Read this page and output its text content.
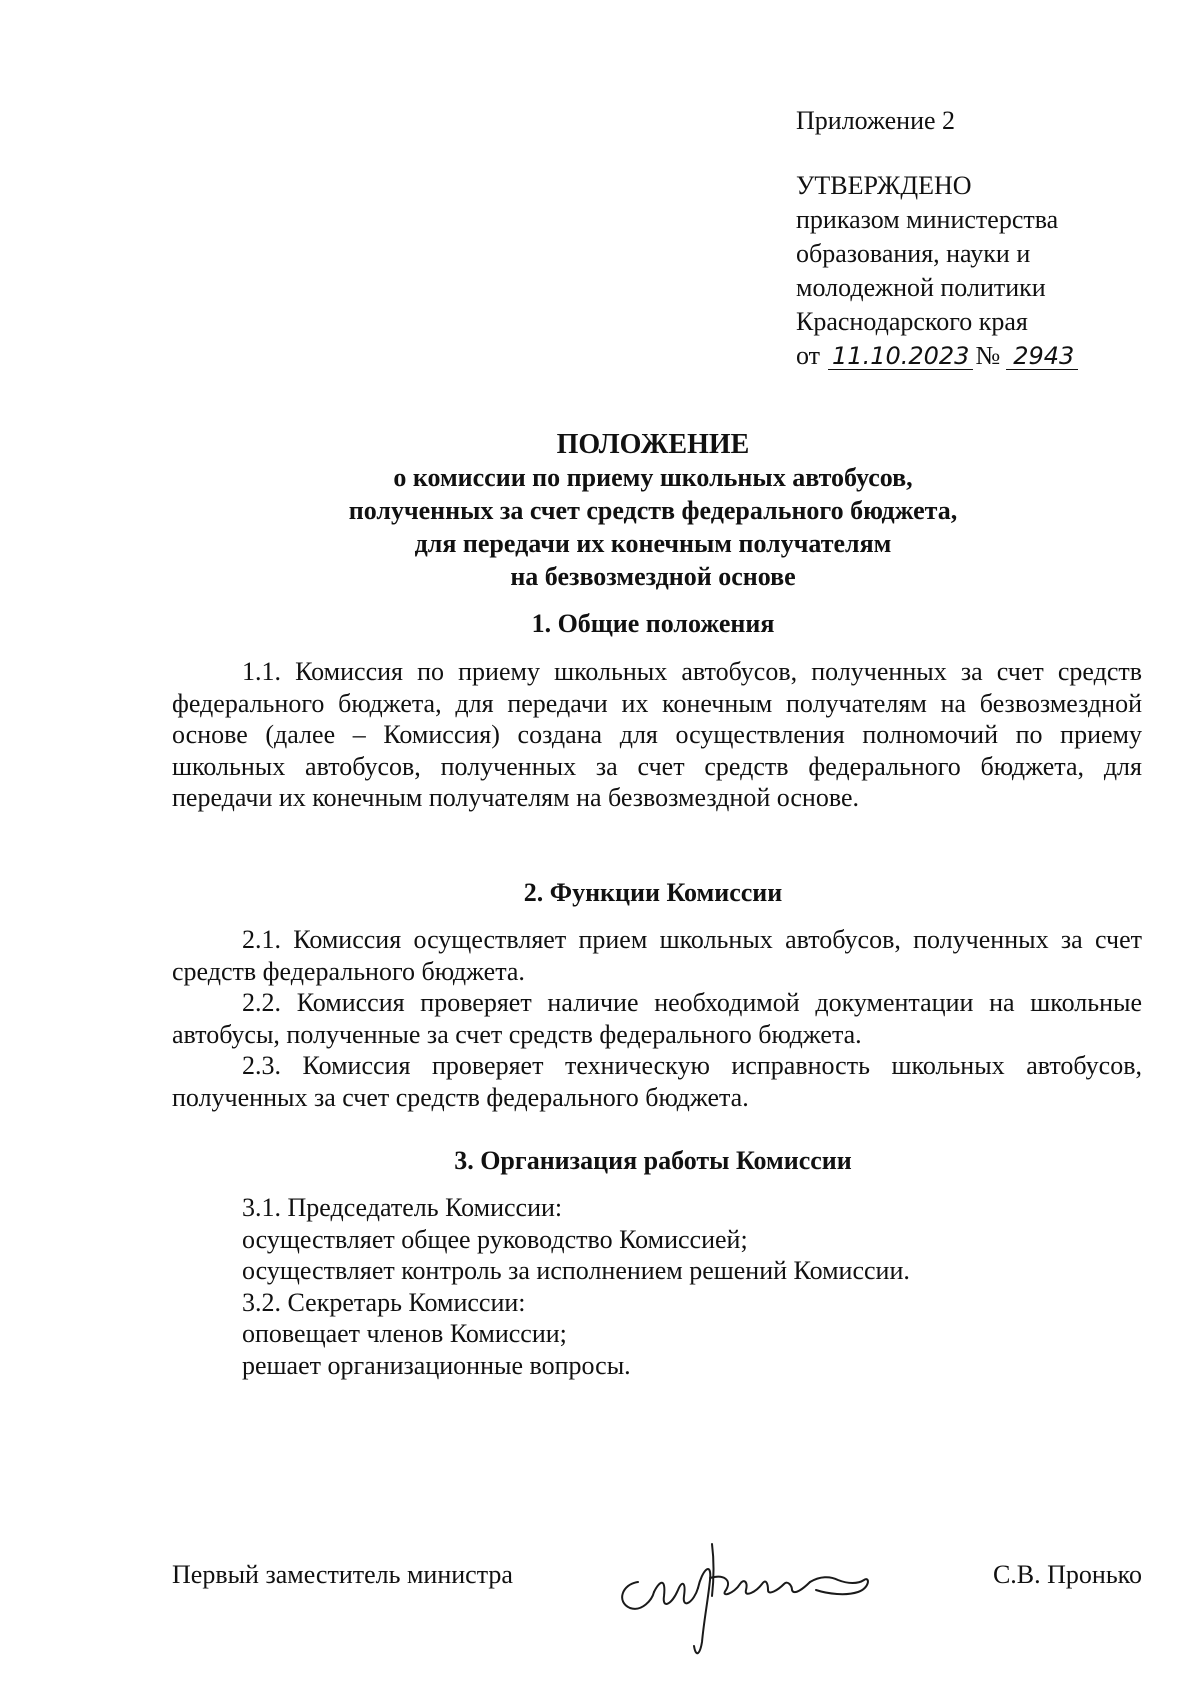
Приложение 2
УТВЕРЖДЕНО
приказом министерства
образования, науки и
молодежной политики
Краснодарского края
от 11.10.2023 № 2943
ПОЛОЖЕНИЕ
о комиссии по приему школьных автобусов,
полученных за счет средств федерального бюджета,
для передачи их конечным получателям
на безвозмездной основе
1. Общие положения

1.1. Комиссия по приему школьных автобусов, полученных за счет средств федерального бюджета, для передачи их конечным получателям на безвозмездной основе (далее – Комиссия) создана для осуществления полномочий по приему школьных автобусов, полученных за счет средств федерального бюджета, для передачи их конечным получателям на безвозмездной основе.

2. Функции Комиссии

2.1. Комиссия осуществляет прием школьных автобусов, полученных за счет средств федерального бюджета.

2.2. Комиссия проверяет наличие необходимой документации на школьные автобусы, полученные за счет средств федерального бюджета.

2.3. Комиссия проверяет техническую исправность школьных автобусов, полученных за счет средств федерального бюджета.

3. Организация работы Комиссии
3.1. Председатель Комиссии:
осуществляет общее руководство Комиссией;
осуществляет контроль за исполнением решений Комиссии.
3.2. Секретарь Комиссии:
оповещает членов Комиссии;
решает организационные вопросы.
Первый заместитель министра	С.В. Пронько
